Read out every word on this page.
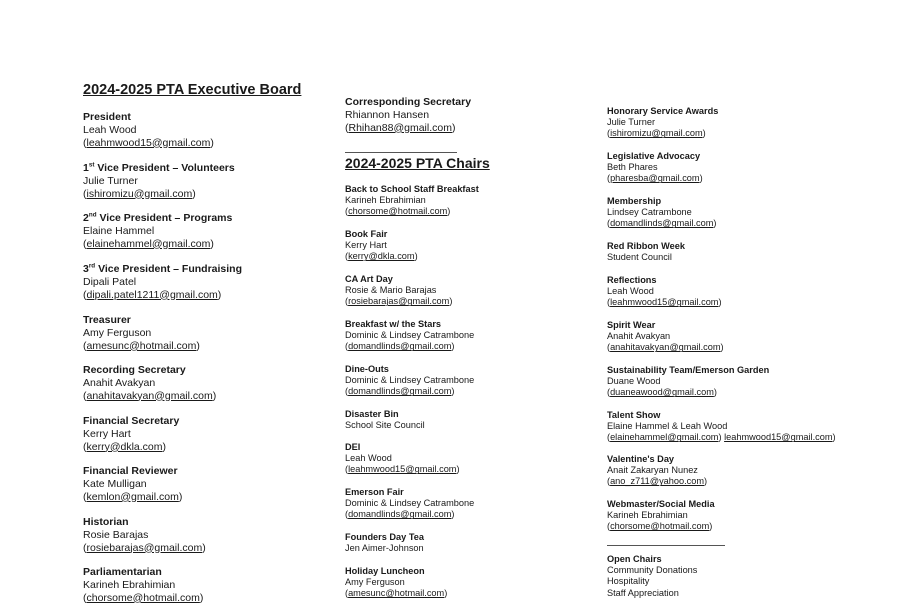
2024-2025 PTA Executive Board
President
Leah Wood
(leahmwood15@gmail.com)
1st Vice President – Volunteers
Julie Turner
(ishiromizu@gmail.com)
2nd Vice President – Programs
Elaine Hammel
(elainehammel@gmail.com)
3rd Vice President – Fundraising
Dipali Patel
(dipali.patel1211@gmail.com)
Treasurer
Amy Ferguson
(amesunc@hotmail.com)
Recording Secretary
Anahit Avakyan
(anahitavakyan@gmail.com)
Financial Secretary
Kerry Hart
(kerry@dkla.com)
Financial Reviewer
Kate Mulligan
(kemlon@gmail.com)
Historian
Rosie Barajas
(rosiebarajas@gmail.com)
Parliamentarian
Karineh Ebrahimian
(chorsome@hotmail.com)
Corresponding Secretary
Rhiannon Hansen
(Rhihan88@gmail.com)
2024-2025 PTA Chairs
Back to School Staff Breakfast
Karineh Ebrahimian
(chorsome@hotmail.com)
Book Fair
Kerry Hart
(kerry@dkla.com)
CA Art Day
Rosie & Mario Barajas
(rosiebarajas@gmail.com)
Breakfast w/ the Stars
Dominic & Lindsey Catrambone
(domandlinds@gmail.com)
Dine-Outs
Dominic & Lindsey Catrambone
(domandlinds@gmail.com)
Disaster Bin
School Site Council
DEI
Leah Wood
(leahmwood15@gmail.com)
Emerson Fair
Dominic & Lindsey Catrambone
(domandlinds@gmail.com)
Founders Day Tea
Jen Aimer-Johnson
Holiday Luncheon
Amy Ferguson
(amesunc@hotmail.com)
Honorary Service Awards
Julie Turner
(ishiromizu@gmail.com)
Legislative Advocacy
Beth Phares
(pharesba@gmail.com)
Membership
Lindsey Catrambone
(domandlinds@gmail.com)
Red Ribbon Week
Student Council
Reflections
Leah Wood
(leahmwood15@gmail.com)
Spirit Wear
Anahit Avakyan
(anahitavakyan@gmail.com)
Sustainability Team/Emerson Garden
Duane Wood
(duaneawood@gmail.com)
Talent Show
Elaine Hammel & Leah Wood
(elainehammel@gmail.com) leahmwood15@gmail.com)
Valentine's Day
Anait Zakaryan Nunez
(ano_z711@yahoo.com)
Webmaster/Social Media
Karineh Ebrahimian
(chorsome@hotmail.com)
Open Chairs
Community Donations
Hospitality
Staff Appreciation
